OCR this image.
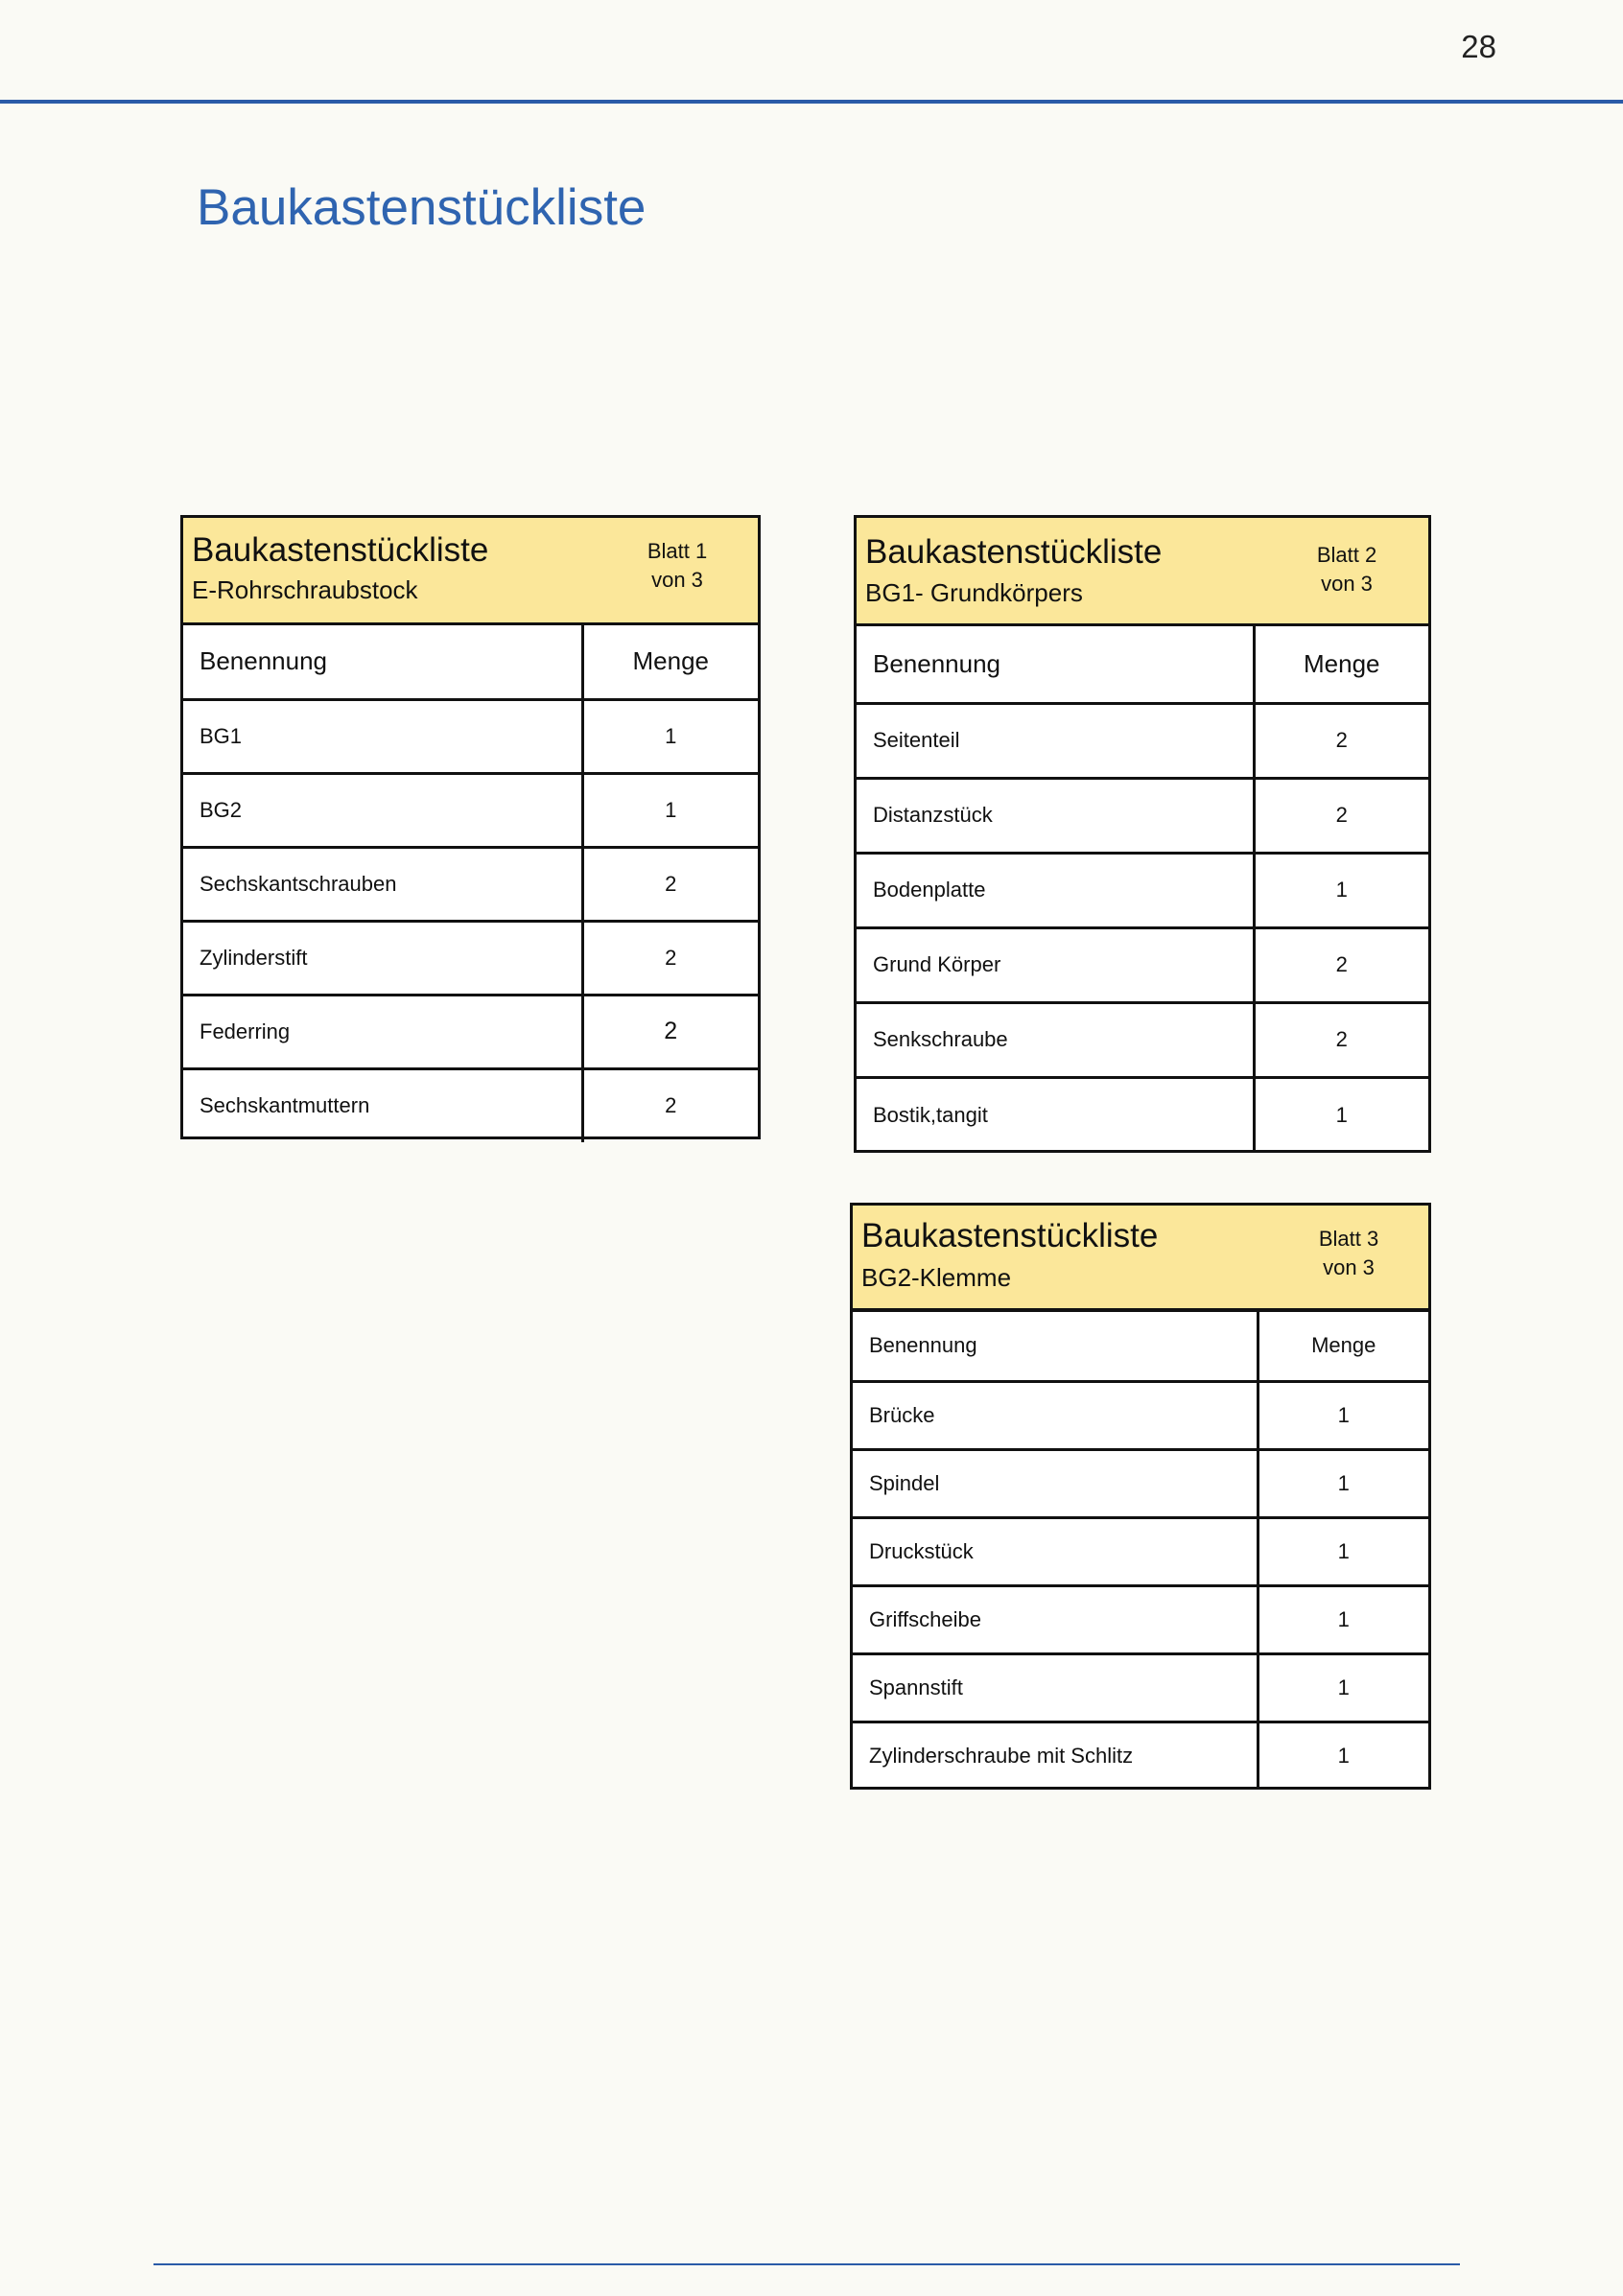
28
Baukastenstückliste
Baukastenstückliste
E-Rohrschraubstock
Blatt 1
von 3
Benennung	Menge
BG1	1
BG2	1
Sechskantschrauben	2
Zylinderstift	2
Federring	2
Sechskantmuttern	2
Baukastenstückliste
BG1- Grundkörpers
Blatt 2
von 3
Benennung	Menge
Seitenteil	2
Distanzstück	2
Bodenplatte	1
Grund Körper	2
Senkschraube	2
Bostik,tangit	1
Baukastenstückliste
BG2-Klemme
Blatt 3
von 3
Benennung	Menge
Brücke	1
Spindel	1
Druckstück	1
Griffscheibe	1
Spannstift	1
Zylinderschraube mit Schlitz	1
